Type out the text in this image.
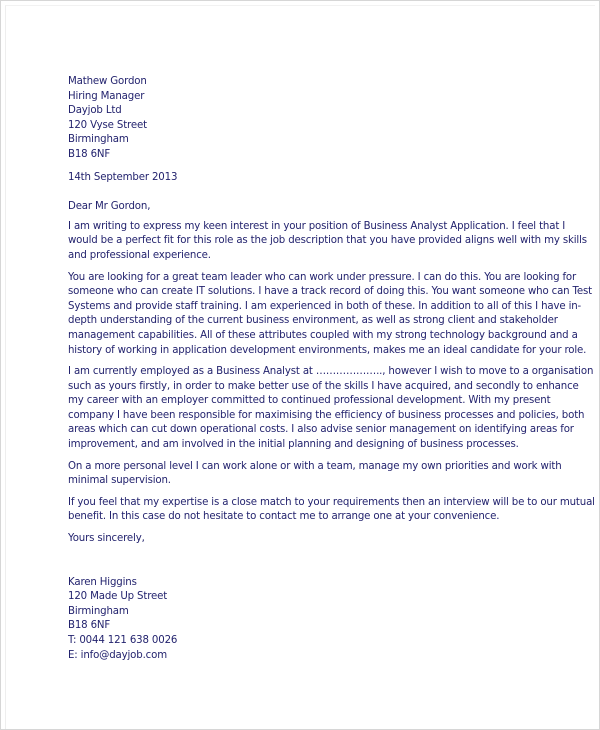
Mathew Gordon
Hiring Manager
Dayjob Ltd
120 Vyse Street
Birmingham
B18 6NF
14th September 2013
Dear Mr Gordon,
I am writing to express my keen interest in your position of Business Analyst Application. I feel that I
would be a perfect fit for this role as the job description that you have provided aligns well with my skills
and professional experience.
You are looking for a great team leader who can work under pressure. I can do this. You are looking for
someone who can create IT solutions. I have a track record of doing this. You want someone who can Test
Systems and provide staff training. I am experienced in both of these. In addition to all of this I have in-
depth understanding of the current business environment, as well as strong client and stakeholder
management capabilities. All of these attributes coupled with my strong technology background and a
history of working in application development environments, makes me an ideal candidate for your role.
I am currently employed as a Business Analyst at ……………….., however I wish to move to a organisation
such as yours firstly, in order to make better use of the skills I have acquired, and secondly to enhance
my career with an employer committed to continued professional development. With my present
company I have been responsible for maximising the efficiency of business processes and policies, both
areas which can cut down operational costs. I also advise senior management on identifying areas for
improvement, and am involved in the initial planning and designing of business processes.
On a more personal level I can work alone or with a team, manage my own priorities and work with
minimal supervision.
If you feel that my expertise is a close match to your requirements then an interview will be to our mutual
benefit. In this case do not hesitate to contact me to arrange one at your convenience.
Yours sincerely,
Karen Higgins
120 Made Up Street
Birmingham
B18 6NF
T: 0044 121 638 0026
E: info@dayjob.com
